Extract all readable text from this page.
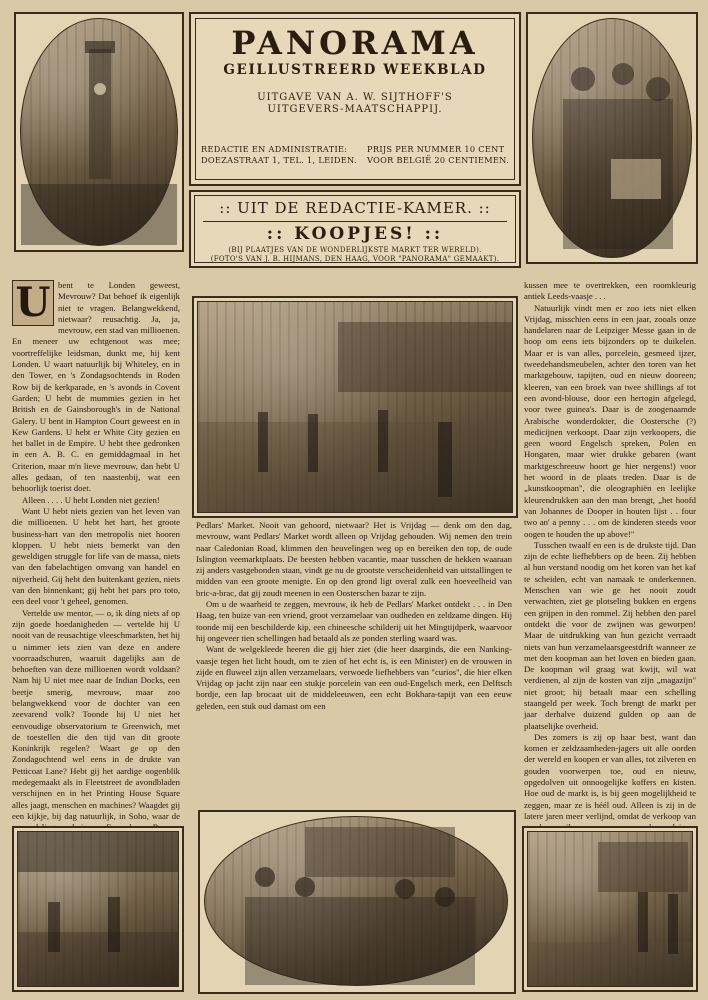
PANORAMA
GEILLUSTREERD WEEKBLAD
UITGAVE VAN A. W. SIJTHOFF'S
UITGEVERS-MAATSCHAPPIJ.
REDACTIE EN ADMINISTRATIE:
DOEZASTRAAT 1, TEL. 1, LEIDEN.
PRIJS PER NUMMER 10 CENT
VOOR BELGIË 20 CENTIEMEN.
:: UIT DE REDACTIE-KAMER. ::
:: KOOPJES! ::
(BIJ PLAATJES VAN DE WONDERLIJKSTE MARKT TER WERELD).
(FOTO'S VAN J. B. HIJMANS, DEN HAAG, VOOR "PANORAMA" GEMAAKT).
U bent te Londen geweest, Mevrouw? Dat behoef ik eigenlijk niet te vragen. Belangwekkend, nietwaar? reusachtig. Ja, ja, mevrouw, een stad van millioenen. En meneer uw echtgenoot was mee; voortreffelijke leidsman, dunkt me, hij kent Londen. U waart natuurlijk bij Whiteley, en in den Tower, en 's Zondagsochtends in Roden Row bij de kerkparade, en 's avonds in Covent Garden; U hebt de mummies gezien in het British en de Gainsborough's in de National Galery. U bent in Hampton Court geweest en in Kew Gardens. U hebt er White City gezien en het ballet in de Empire. U hebt thee gedronken in een A. B. C. en gemiddagmaal in het Criterion, maar m'n lieve mevrouw, dan hebt U alles gedaan, of ten naastenbij, wat een behoorlijk toerist doet.

Alleen . . . . U hebt Londen niet gezien!

Want U hebt niets gezien van het leven van die millioenen. U hebt het hart, het groote business-hart van den metropolis niet hooren kloppen. U hebt niets bemerkt van den geweldigen struggle for life van de massa, niets van den fabelachtigen omvang van handel en nijverheid. Gij hebt den buitenkant gezien, niets van den binnenkant; gij hebt het pars pro toto, een deel voor 't geheel, genomen.

Vertelde uw mentor, — o, ik ding niets af op zijn goede hoedanigheden — vertelde hij U nooit van de reusachtige vleeschmarkten, het hij u nimmer iets zien van deze en andere voorraadschuren, waaruit dagelijks aan de behoeften van deze millioenen wordt voldaan? Nam hij U niet mee naar de Indian Docks, een beetje smerig, mevrouw, maar zoo belangwekkend voor de dochter van een zeevarend volk? Toonde hij U niet het eenvoudige observatorium te Greenwich, met de toestellen die den tijd van dit groote Koninkrijk regelen? Waart ge op den Zondagochtend wel eens in de drukte van Petticoat Lane? Hebt gij het aardige oogenblik medegemaakt als in Fleetstreet de avondbladen verschijnen en in het Printing House Square alles jaagt, menschen en machines? Waagdet gij een kijkje, bij dag natuurlijk, in Soho, waar de

Pedlars' Market. Nooit van gehoord, nietwaar? Het is Vrijdag — denk om den dag, mevrouw, want Pedlars' Market wordt alleen op Vrijdag gehouden. Wij nemen den trein naar Caledonian Road, klimmen den heuvelingen weg op en bereiken den top, de oude Islington veemarktplaats. De beesten hebben vacantie, maar tusschen de hekken waaraan zij anders vastgebonden staan, vindt ge nu de grootste verscheidenheid van uitstallingen te midden van een groote menigte. En op den grond ligt overal zulk een hoeveelheid van bric-a-brac, dat gij zoudt meenen in een Oosterschen bazar te zijn.

Om u de waarheid te zeggen, mevrouw, ik heb de Pedlars' Market ontdekt . . . in Den Haag, ten huize van een vriend, groot verzamelaar van oudheden en zeldzame dingen. Hij toonde mij een beschilderde kip, een chineesche schilderij uit het Mingtijdperk, waarvoor hij ongeveer tien schellingen had betaald als ze ponden sterling waard was.

Want de welgekleede heeren die gij hier ziet (die heer daarginds, die een Nanking-vaasje tegen het licht houdt, om te zien of het echt is, is een Minister) en de vrouwen in zijde en fluweel zijn allen verzamelaars, verwoede liefhebbers van "curios", die hier elken Vrijdag op jacht zijn naar een stukje porcelein van een oud-Engelsch merk, een Delftsch bordje, een lap brocaat uit de middeleeuwen, een echt Bokhara-tapijt van een eeuw geleden, een stuk oud damast om een

kussen mee te overtrekken, een roomkleurig antiek Leeds-vaasje . . .

Natuurlijk vindt men er zoo iets niet elken Vrijdag, misschien eens in een jaar, zooals onze handelaren naar de Leipziger Messe gaan in de hoop om eens iets bijzonders op te duikelen. Maar er is van alles, porcelein, gesmeed ijzer, tweedehandsmeubelen, achter den toren van het marktgebouw, tapijten, oud en nieuw dooreen; kleeren, van een broek van twee shillings af tot een avond-blouse, door een hertogin afgelegd, voor twee guinea's. Daar is de zoogenaamde Arabische wonderdokter, die Oostersche (?) medicijnen verkoopt. Daar zijn verkoopers, die geen woord Engelsch spreken, Polen en Hongaren, maar wier drukke gebaren (want marktgeschreeuw hoort ge hier nergens!) voor het woord in de plaats treden. Daar is de „kunstkoopman", die oleographiën en leelijke kleurendrukken aan den man brengt, „het hoofd van Johannes de Dooper in houten lijst . . four two an' a penny . . . om de kinderen steeds voor oogen te houden the up above!"

Tusschen twaalf en een is de drukste tijd. Dan zijn de echte liefhebbers op de been. Zij hebben al hun verstand noodig om het koren van het kaf te scheiden, echt van namaak te onderkennen. Menschen van wie ge het nooit zoudt verwachten, ziet ge plotseling bukken en ergens een grijpen in den rommel. Zij hebben den parel ontdekt die voor de zwijnen was geworpen! Maar de uitdrukking van hun gezicht verraadt niets van hun verzamelaarsgeestdrift wanneer ze met den koopman aan het loven en bieden gaan. De koopman wil graag wat kwijt, wil wat verdienen, al zijn de kosten van zijn „magazijn" niet groot; hij betaalt maar een schelling staangeld per week. Toch brengt de markt per jaar derhalve duizend gulden op aan de plaatselijke overheid.

Des zomers is zij op haar best, want dan komen er zeldzaamheden-jagers uit alle oorden der wereld en koopen er van alles, tot zilveren en gouden voorwerpen toe, oud en nieuw, opgedolven uit onnoogelijke koffers en kisten. Hoe oud de markt is, is bij geen mogelijkheid te zeggen, maar ze is héél oud. Alleen is zij in de latere jaren meer verlijnd, omdat de verkoop van
